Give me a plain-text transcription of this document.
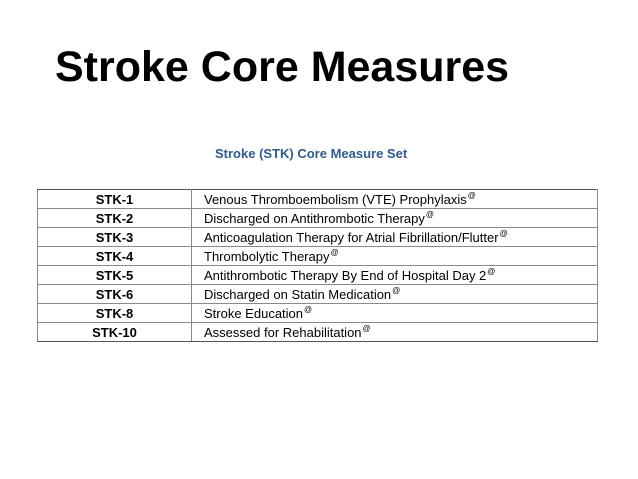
Stroke Core Measures
Stroke (STK) Core Measure Set
STK-1	Venous Thromboembolism (VTE) Prophylaxis@
STK-2	Discharged on Antithrombotic Therapy@
STK-3	Anticoagulation Therapy for Atrial Fibrillation/Flutter@
STK-4	Thrombolytic Therapy@
STK-5	Antithrombotic Therapy By End of Hospital Day 2@
STK-6	Discharged on Statin Medication@
STK-8	Stroke Education@
STK-10	Assessed for Rehabilitation@
